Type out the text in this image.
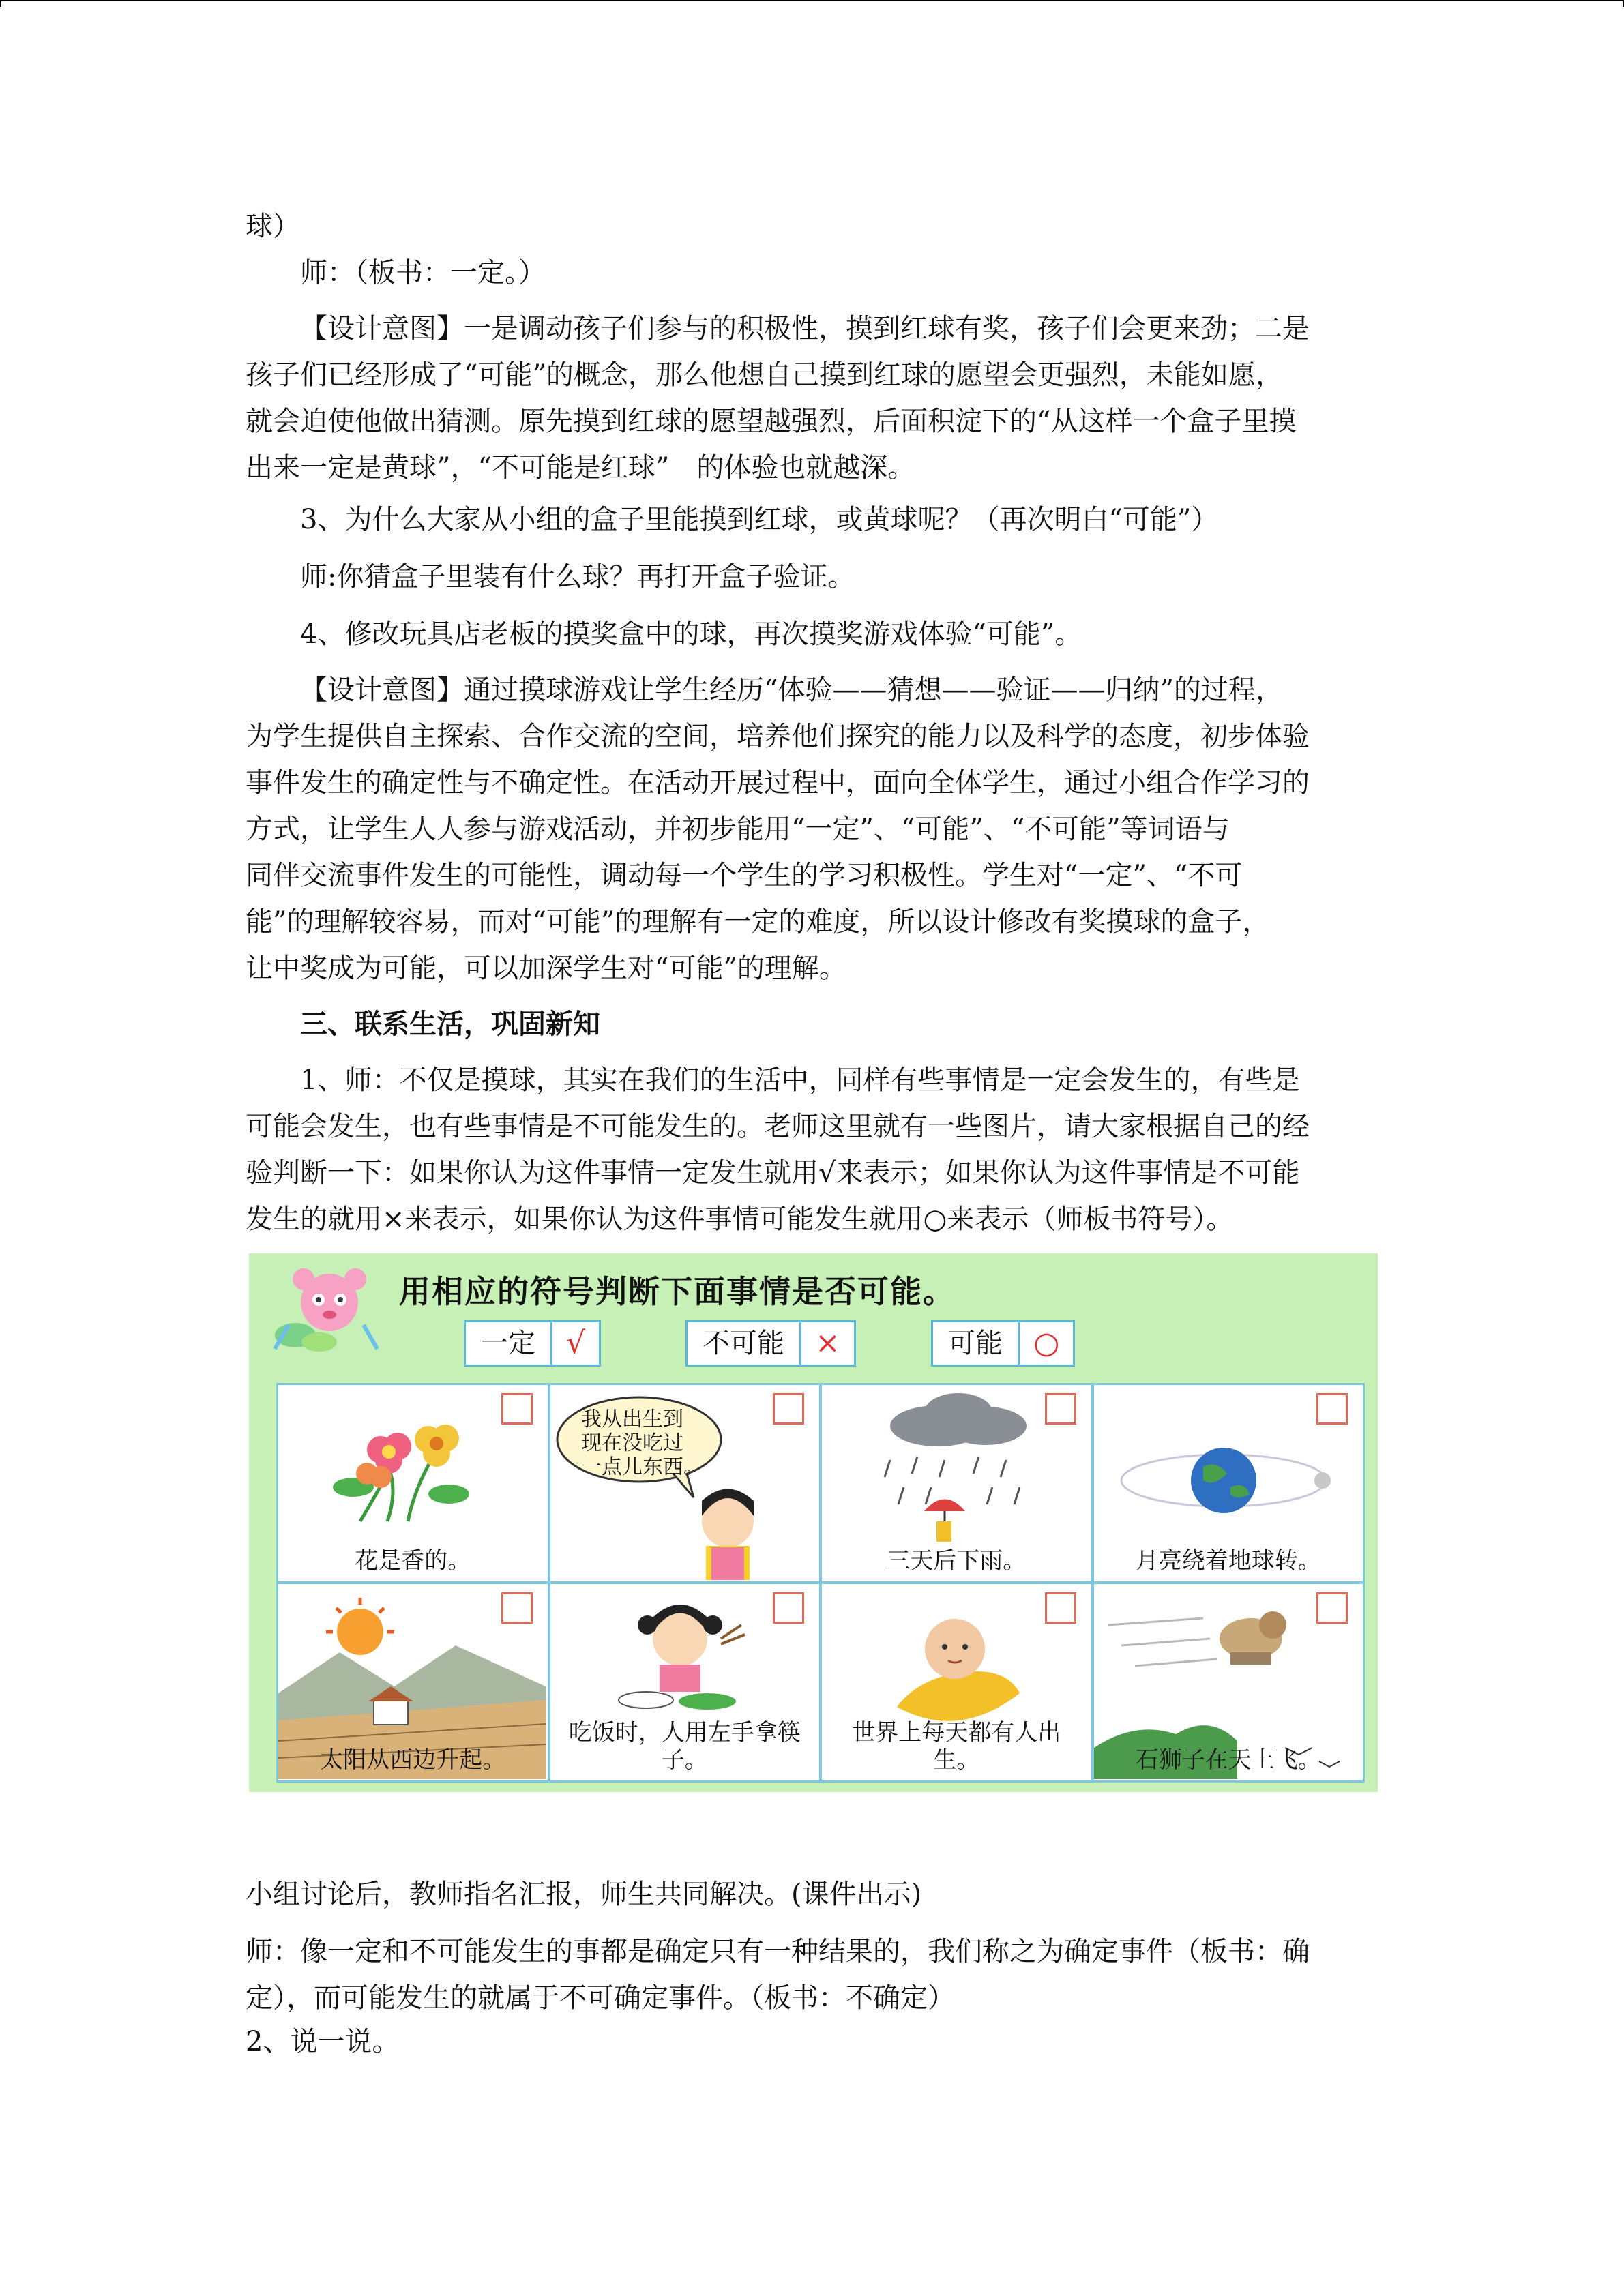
球）

师：（板书：一定。）

【设计意图】一是调动孩子们参与的积极性，摸到红球有奖，孩子们会更来劲；二是
孩子们已经形成了“可能”的概念，那么他想自己摸到红球的愿望会更强烈，未能如愿，
就会迫使他做出猜测。原先摸到红球的愿望越强烈，后面积淀下的“从这样一个盒子里摸
出来一定是黄球”，“不可能是红球”　的体验也就越深。

3、为什么大家从小组的盒子里能摸到红球，或黄球呢？（再次明白“可能”）

师:你猜盒子里装有什么球？再打开盒子验证。

4、修改玩具店老板的摸奖盒中的球，再次摸奖游戏体验“可能”。

【设计意图】通过摸球游戏让学生经历“体验——猜想——验证——归纳”的过程，
为学生提供自主探索、合作交流的空间，培养他们探究的能力以及科学的态度，初步体验
事件发生的确定性与不确定性。在活动开展过程中，面向全体学生，通过小组合作学习的
方式，让学生人人参与游戏活动，并初步能用“一定”、“可能”、“不可能”等词语与
同伴交流事件发生的可能性，调动每一个学生的学习积极性。学生对“一定”、“不可
能”的理解较容易，而对“可能”的理解有一定的难度，所以设计修改有奖摸球的盒子，
让中奖成为可能，可以加深学生对“可能”的理解。

三、联系生活，巩固新知

1、师：不仅是摸球，其实在我们的生活中，同样有些事情是一定会发生的，有些是
可能会发生，也有些事情是不可能发生的。老师这里就有一些图片，请大家根据自己的经
验判断一下：如果你认为这件事情一定发生就用√来表示；如果你认为这件事情是不可能
发生的就用×来表示，如果你认为这件事情可能发生就用○来表示（师板书符号）。

用相应的符号判断下面事情是否可能。
一定	√	不可能	×	可能	○
花是香的。
我从出生到
现在没吃过
一点儿东西。
三天后下雨。	月亮绕着地球转。
太阳从西边升起。
吃饭时，人用左手拿筷子。
世界上每天都有人出生。	石狮子在天上飞。

小组讨论后，教师指名汇报，师生共同解决。(课件出示)

师：像一定和不可能发生的事都是确定只有一种结果的，我们称之为确定事件（板书：确
定），而可能发生的就属于不可确定事件。（板书：不确定）

2、说一说。
